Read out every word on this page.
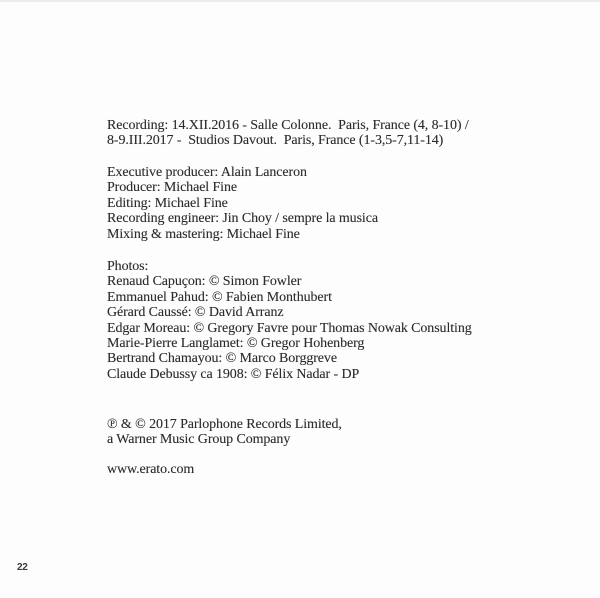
Recording: 14.XII.2016 - Salle Colonne.  Paris, France (4, 8-10) /
8-9.III.2017 -  Studios Davout.  Paris, France (1-3,5-7,11-14)
Executive producer: Alain Lanceron
Producer: Michael Fine
Editing: Michael Fine
Recording engineer: Jin Choy / sempre la musica
Mixing & mastering: Michael Fine
Photos:
Renaud Capuçon: © Simon Fowler
Emmanuel Pahud: © Fabien Monthubert
Gérard Caussé: © David Arranz
Edgar Moreau: © Gregory Favre pour Thomas Nowak Consulting
Marie-Pierre Langlamet: © Gregor Hohenberg
Bertrand Chamayou: © Marco Borggreve
Claude Debussy ca 1908: © Félix Nadar - DP
℗ & © 2017 Parlophone Records Limited,
a Warner Music Group Company
www.erato.com
22
